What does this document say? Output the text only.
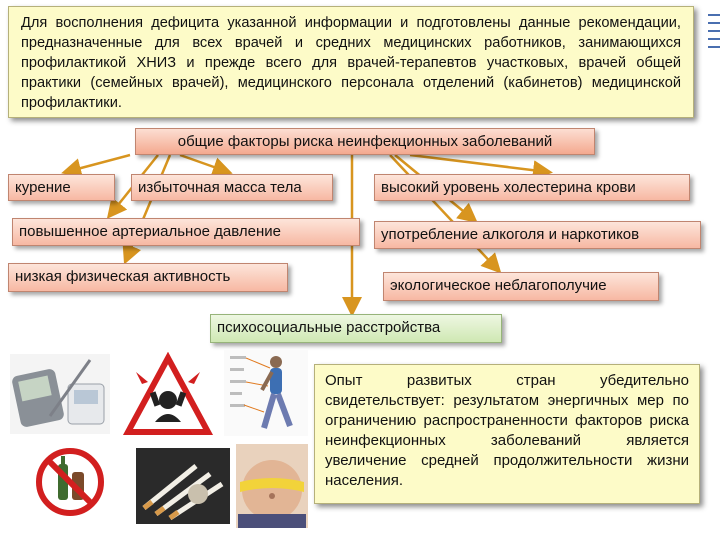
Для восполнения дефицита указанной информации и подготовлены данные рекомендации, предназначенные для всех врачей и средних медицинских работников, занимающихся профилактикой ХНИЗ и прежде всего для врачей-терапевтов участковых, врачей общей практики (семейных врачей), медицинского персонала отделений (кабинетов) медицинской профилактики.
общие факторы риска неинфекционных заболеваний
курение	избыточная масса тела	высокий уровень холестерина крови
повышенное артериальное давление	употребление алкоголя и наркотиков
низкая физическая активность
экологическое неблагополучие
психосоциальные расстройства
Опыт развитых стран убедительно свидетельствует: результатом энергичных мер по ограничению распространенности факторов риска неинфекционных заболеваний является увеличение средней продолжительности жизни населения.
